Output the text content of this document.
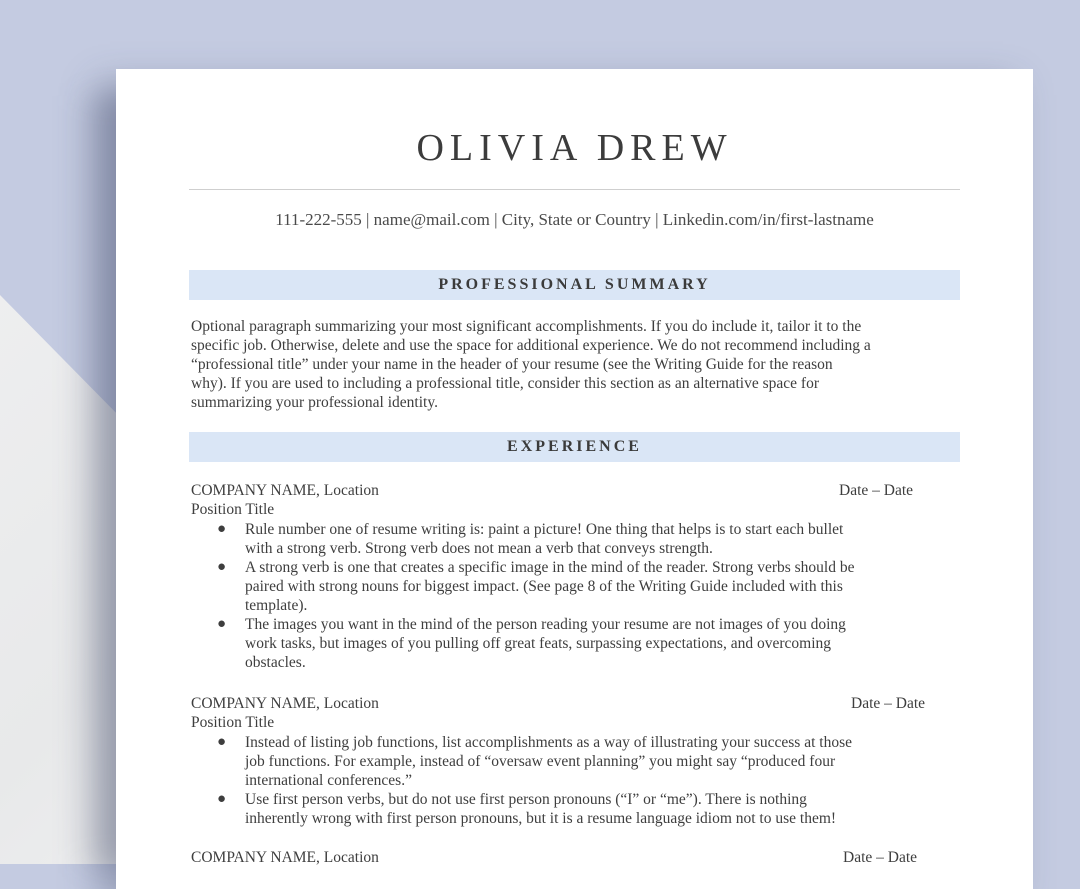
OLIVIA DREW
111-222-555 | name@mail.com | City, State or Country | Linkedin.com/in/first-lastname
PROFESSIONAL SUMMARY
Optional paragraph summarizing your most significant accomplishments. If you do include it, tailor it to the
specific job. Otherwise, delete and use the space for additional experience. We do not recommend including a
“professional title” under your name in the header of your resume (see the Writing Guide for the reason
why). If you are used to including a professional title, consider this section as an alternative space for
summarizing your professional identity.
EXPERIENCE
COMPANY NAME, Location	Date – Date
Position Title
● Rule number one of resume writing is: paint a picture! One thing that helps is to start each bullet
with a strong verb. Strong verb does not mean a verb that conveys strength.
● A strong verb is one that creates a specific image in the mind of the reader. Strong verbs should be
paired with strong nouns for biggest impact. (See page 8 of the Writing Guide included with this
template).
● The images you want in the mind of the person reading your resume are not images of you doing
work tasks, but images of you pulling off great feats, surpassing expectations, and overcoming
obstacles.
COMPANY NAME, Location	Date – Date
Position Title
● Instead of listing job functions, list accomplishments as a way of illustrating your success at those
job functions. For example, instead of “oversaw event planning” you might say “produced four
international conferences.”
● Use first person verbs, but do not use first person pronouns (“I” or “me”). There is nothing
inherently wrong with first person pronouns, but it is a resume language idiom not to use them!
COMPANY NAME, Location	Date – Date
